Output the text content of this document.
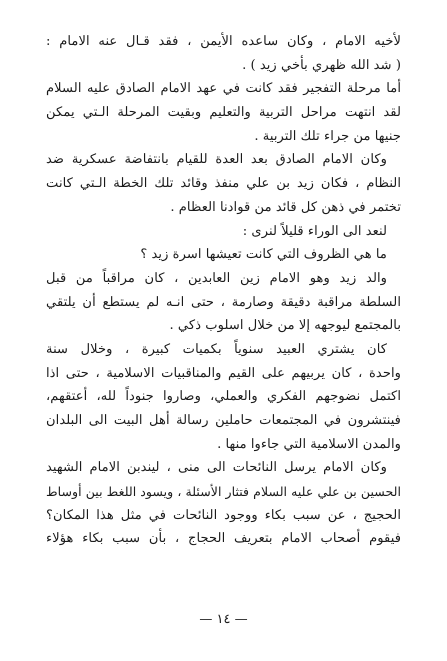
لأخيه الامام ، وكان ساعده الأيمن ، فقد قـال عنه الامام :
( شد الله ظهري بأخي زيد ) .
أما مرحلة التفجير فقد كانت في عهد الامام الصادق عليه السلام
لقد انتهت مراحل التربية والتعليم وبقيت المرحلة الـتي يمكن
جنيها من جراء تلك التربية .
وكان الامام الصادق بعد العدة للقيام بانتفاضة عسكرية ضد
النظام ، فكان زيد بن علي منفذ وقائد تلك الخطة الـتي كانت
تختمر في ذهن كل قائد من قوادنا العظام .
لنعد الى الوراء قليلاً لنرى :
ما هي الظروف التي كانت تعيشها اسرة زيد ؟
والد زيد وهو الامام زين العابدين ، كان مراقباً من قبل
السلطة مراقبة دقيقة وصارمة ، حتى انـه لم يستطع أن يلتقي
بالمجتمع ليوجهه إلا من خلال اسلوب ذكي .
كان يشتري العبيد سنوياً بكميات كبيرة ، وخلال سنة
واحدة ، كان يربيهم على القيم والمناقبيات الاسلامية ، حتى اذا
اكتمل نضوجهم الفكري والعملي، وصاروا جنوداً لله، أعتقهم،
فينتشرون في المجتمعات حاملين رسالة أهل البيت الى البلدان
والمدن الاسلامية التي جاءوا منها .
وكان الامام يرسل النائحات الى منى ، ليندبن الامام الشهيد
الحسين بن علي عليه السلام فتثار الأسئلة ، ويسود اللغط بين أوساط
الحجيج ، عن سبب بكاء ووجود النائحات في مثل هذا المكان؟
فيقوم أصحاب الامام بتعريف الحجاج ، بأن سبب بكاء هؤلاء
— ١٤ —
